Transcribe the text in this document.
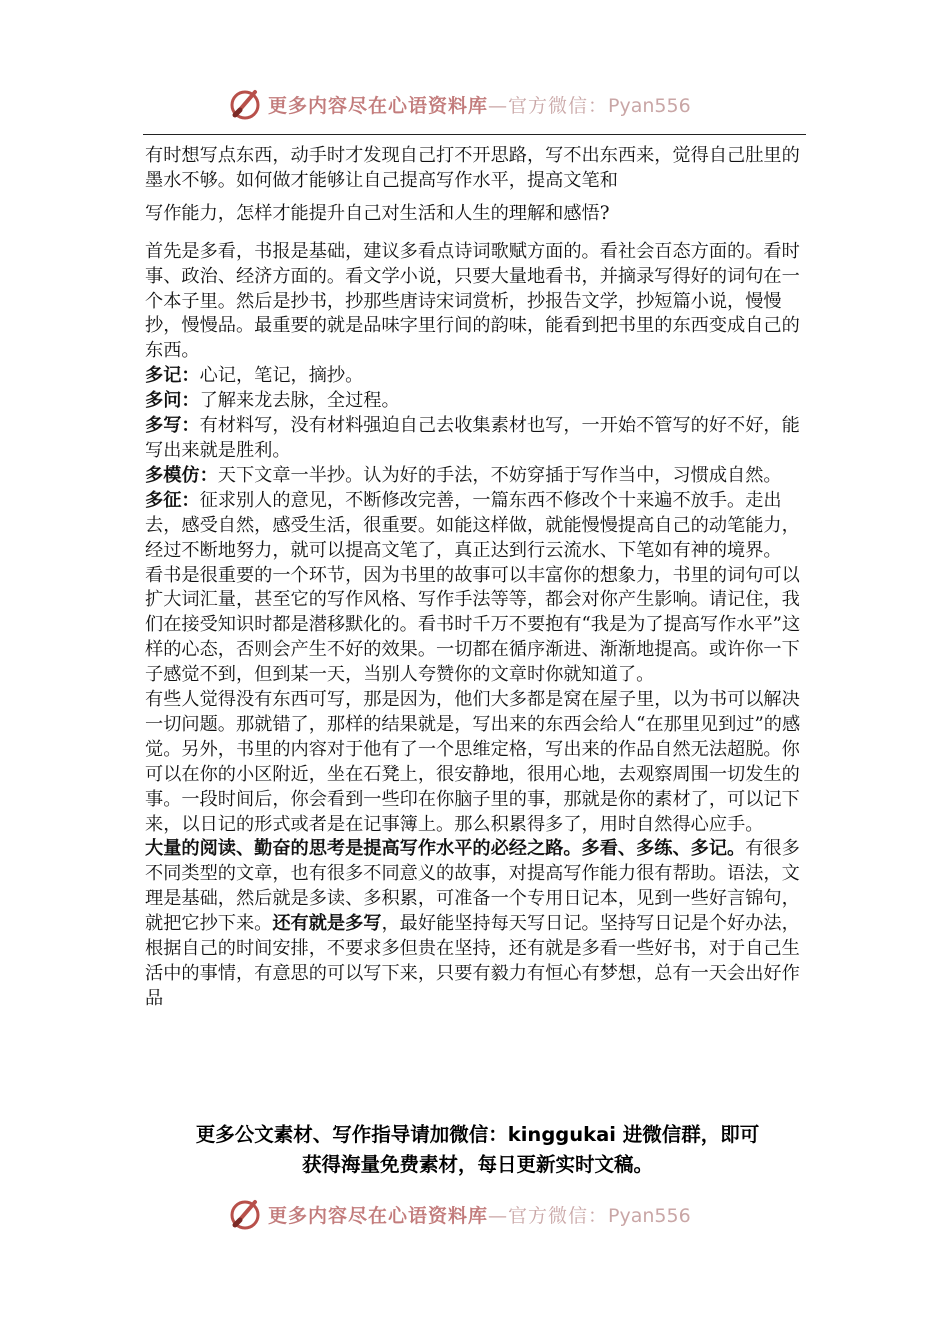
更多内容尽在心语资料库—官方微信：Pyan556

有时想写点东西，动手时才发现自己打不开思路，写不出东西来，觉得自己肚里的墨水不够。如何做才能够让自己提高写作水平，提高文笔和

写作能力，怎样才能提升自己对生活和人生的理解和感悟?

首先是多看，书报是基础，建议多看点诗词歌赋方面的。看社会百态方面的。看时事、政治、经济方面的。看文学小说，只要大量地看书，并摘录写得好的词句在一个本子里。然后是抄书，抄那些唐诗宋词赏析，抄报告文学，抄短篇小说，慢慢抄，慢慢品。最重要的就是品味字里行间的韵味，能看到把书里的东西变成自己的东西。

多记：心记，笔记，摘抄。

多问：了解来龙去脉，全过程。

多写：有材料写，没有材料强迫自己去收集素材也写，一开始不管写的好不好，能写出来就是胜利。

多模仿：天下文章一半抄。认为好的手法，不妨穿插于写作当中，习惯成自然。

多征：征求别人的意见，不断修改完善，一篇东西不修改个十来遍不放手。走出去，感受自然，感受生活，很重要。如能这样做，就能慢慢提高自己的动笔能力，经过不断地努力，就可以提高文笔了，真正达到行云流水、下笔如有神的境界。

看书是很重要的一个环节，因为书里的故事可以丰富你的想象力，书里的词句可以扩大词汇量，甚至它的写作风格、写作手法等等，都会对你产生影响。请记住，我们在接受知识时都是潜移默化的。看书时千万不要抱有“我是为了提高写作水平”这样的心态，否则会产生不好的效果。一切都在循序渐进、渐渐地提高。或许你一下子感觉不到，但到某一天，当别人夸赞你的文章时你就知道了。

有些人觉得没有东西可写，那是因为，他们大多都是窝在屋子里，以为书可以解决一切问题。那就错了，那样的结果就是，写出来的东西会给人“在那里见到过”的感觉。另外，书里的内容对于他有了一个思维定格，写出来的作品自然无法超脱。你可以在你的小区附近，坐在石凳上，很安静地，很用心地，去观察周围一切发生的事。一段时间后，你会看到一些印在你脑子里的事，那就是你的素材了，可以记下来，以日记的形式或者是在记事簿上。那么积累得多了，用时自然得心应手。

大量的阅读、勤奋的思考是提高写作水平的必经之路。多看、多练、多记。有很多不同类型的文章，也有很多不同意义的故事，对提高写作能力很有帮助。语法，文理是基础，然后就是多读、多积累，可准备一个专用日记本，见到一些好言锦句，就把它抄下来。还有就是多写，最好能坚持每天写日记。坚持写日记是个好办法，根据自己的时间安排，不要求多但贵在坚持，还有就是多看一些好书，对于自己生活中的事情，有意思的可以写下来，只要有毅力有恒心有梦想，总有一天会出好作品

更多公文素材、写作指导请加微信：kinggukai 进微信群，即可
获得海量免费素材，每日更新实时文稿。
更多内容尽在心语资料库—官方微信：Pyan556
